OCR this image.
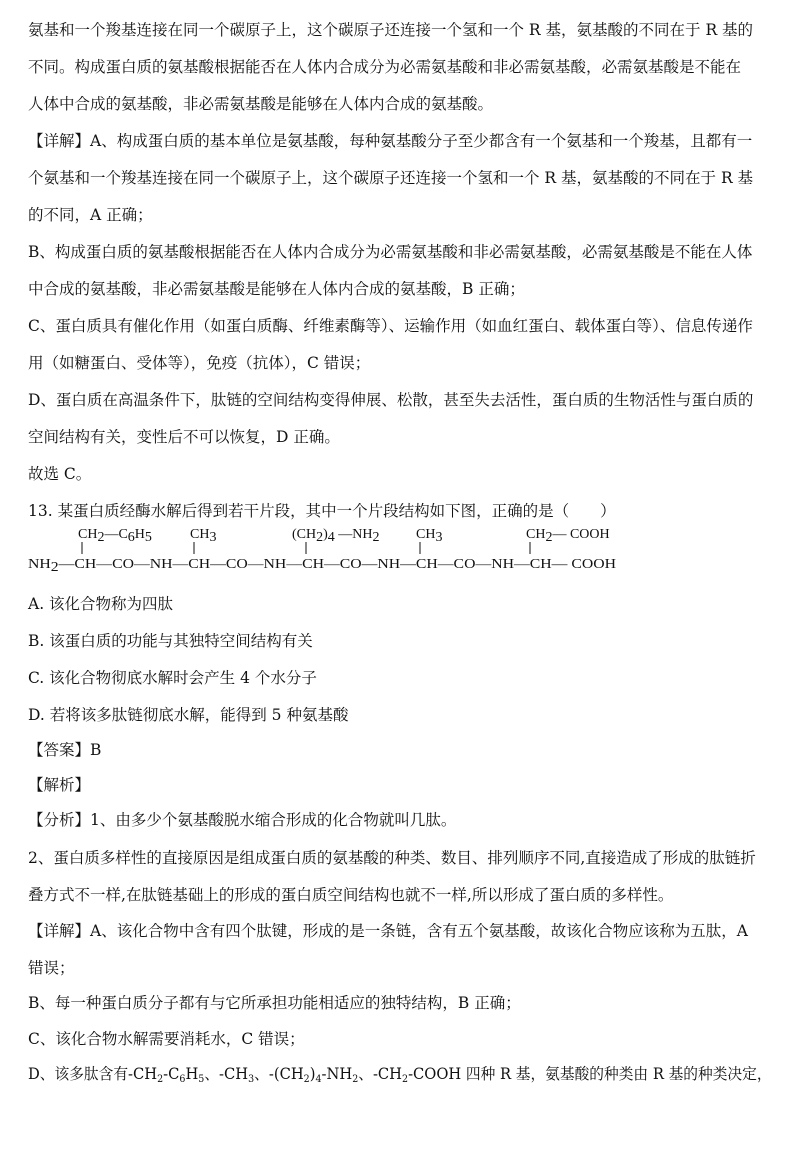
氨基和一个羧基连接在同一个碳原子上，这个碳原子还连接一个氢和一个 R 基，氨基酸的不同在于 R 基的
不同。构成蛋白质的氨基酸根据能否在人体内合成分为必需氨基酸和非必需氨基酸，必需氨基酸是不能在
人体中合成的氨基酸，非必需氨基酸是能够在人体内合成的氨基酸。
【详解】A、构成蛋白质的基本单位是氨基酸，每种氨基酸分子至少都含有一个氨基和一个羧基，且都有一
个氨基和一个羧基连接在同一个碳原子上，这个碳原子还连接一个氢和一个 R 基，氨基酸的不同在于 R 基
的不同，A 正确；
B、构成蛋白质的氨基酸根据能否在人体内合成分为必需氨基酸和非必需氨基酸，必需氨基酸是不能在人体
中合成的氨基酸，非必需氨基酸是能够在人体内合成的氨基酸，B 正确；
C、蛋白质具有催化作用（如蛋白质酶、纤维素酶等）、运输作用（如血红蛋白、载体蛋白等）、信息传递作
用（如糖蛋白、受体等），免疫（抗体），C 错误；
D、蛋白质在高温条件下，肽链的空间结构变得伸展、松散，甚至失去活性，蛋白质的生物活性与蛋白质的
空间结构有关，变性后不可以恢复，D 正确。
故选 C。
13. 某蛋白质经酶水解后得到若干片段，其中一个片段结构如下图，正确的是（　　）
CH2—C6H5	CH3	(CH2)4 —NH2	CH3	CH2— COOH
NH 2—CH—CO—NH—CH—CO—NH—CH—CO—NH—CH—CO—NH—CH— COOH
A. 该化合物称为四肽
B. 该蛋白质的功能与其独特空间结构有关
C. 该化合物彻底水解时会产生 4 个水分子
D. 若将该多肽链彻底水解，能得到 5 种氨基酸
【答案】B
【解析】
【分析】1、由多少个氨基酸脱水缩合形成的化合物就叫几肽。
2、蛋白质多样性的直接原因是组成蛋白质的氨基酸的种类、数目、排列顺序不同,直接造成了形成的肽链折
叠方式不一样,在肽链基础上的形成的蛋白质空间结构也就不一样,所以形成了蛋白质的多样性。
【详解】A、该化合物中含有四个肽键，形成的是一条链，含有五个氨基酸，故该化合物应该称为五肽，A
错误；
B、每一种蛋白质分子都有与它所承担功能相适应的独特结构，B 正确；
C、该化合物水解需要消耗水，C 错误；
D、该多肽含有$-CH_2-C_6H_5$、$-CH_3$、$-(CH_2)_4-NH_2$、$-CH_2$-COOH 四种 R 基，氨基酸的种类由 R 基的种类决定，
